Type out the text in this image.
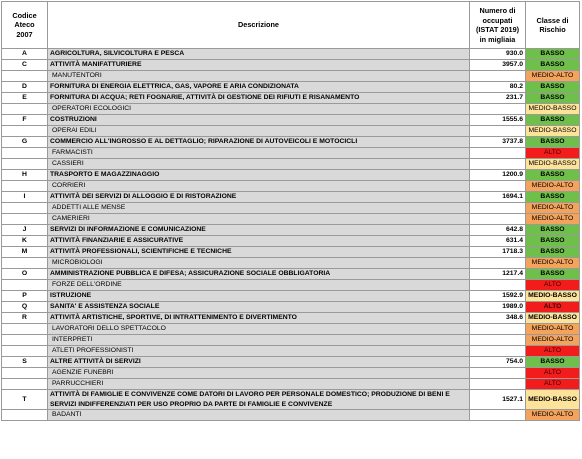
Codice
Ateco
2007	Descrizione	Numero di
occupati
(ISTAT 2019)
in migliaia	Classe di
Rischio

A	AGRICOLTURA, SILVICOLTURA E PESCA	930.0	BASSO
C	ATTIVITÀ MANIFATTURIERE	3957.0	BASSO
	MANUTENTORI		MEDIO-ALTO
D	FORNITURA DI ENERGIA ELETTRICA, GAS, VAPORE E ARIA CONDIZIONATA	80.2	BASSO
E	FORNITURA DI ACQUA; RETI FOGNARIE, ATTIVITÀ DI GESTIONE DEI RIFIUTI E RISANAMENTO	231.7	BASSO
	OPERATORI ECOLOGICI		MEDIO-BASSO
F	COSTRUZIONI	1555.6	BASSO
	OPERAI EDILI		MEDIO-BASSO
G	COMMERCIO ALL'INGROSSO E AL DETTAGLIO; RIPARAZIONE DI AUTOVEICOLI E MOTOCICLI	3737.8	BASSO
	FARMACISTI		ALTO
	CASSIERI		MEDIO-BASSO
H	TRASPORTO E MAGAZZINAGGIO	1200.9	BASSO
	CORRIERI		MEDIO-ALTO
I	ATTIVITÀ DEI SERVIZI DI ALLOGGIO E DI RISTORAZIONE	1694.1	BASSO
	ADDETTI ALLE MENSE		MEDIO-ALTO
	CAMERIERI		MEDIO-ALTO
J	SERVIZI DI INFORMAZIONE E COMUNICAZIONE	642.8	BASSO
K	ATTIVITÀ FINANZIARIE E ASSICURATIVE	631.4	BASSO
M	ATTIVITÀ PROFESSIONALI, SCIENTIFICHE E TECNICHE	1718.3	BASSO
	MICROBIOLOGI		MEDIO-ALTO
O	AMMINISTRAZIONE PUBBLICA E DIFESA; ASSICURAZIONE SOCIALE OBBLIGATORIA	1217.4	BASSO
	FORZE DELL'ORDINE		ALTO
P	ISTRUZIONE	1592.9	MEDIO-BASSO
Q	SANITA' E ASSISTENZA SOCIALE	1989.0	ALTO
R	ATTIVITÀ ARTISTICHE, SPORTIVE, DI INTRATTENIMENTO E DIVERTIMENTO	348.6	MEDIO-BASSO
	LAVORATORI DELLO SPETTACOLO		MEDIO-ALTO
	INTERPRETI		MEDIO-ALTO
	ATLETI PROFESSIONISTI		ALTO
S	ALTRE ATTIVITÀ DI SERVIZI	754.0	BASSO
	AGENZIE FUNEBRI		ALTO
	PARRUCCHIERI		ALTO
T	ATTIVITÀ DI FAMIGLIE E CONVIVENZE COME DATORI DI LAVORO PER PERSONALE DOMESTICO; PRODUZIONE DI BENI E SERVIZI INDIFFERENZIATI PER USO PROPRIO DA PARTE DI FAMIGLIE E CONVIVENZE	1527.1	MEDIO-BASSO
	BADANTI		MEDIO-ALTO
